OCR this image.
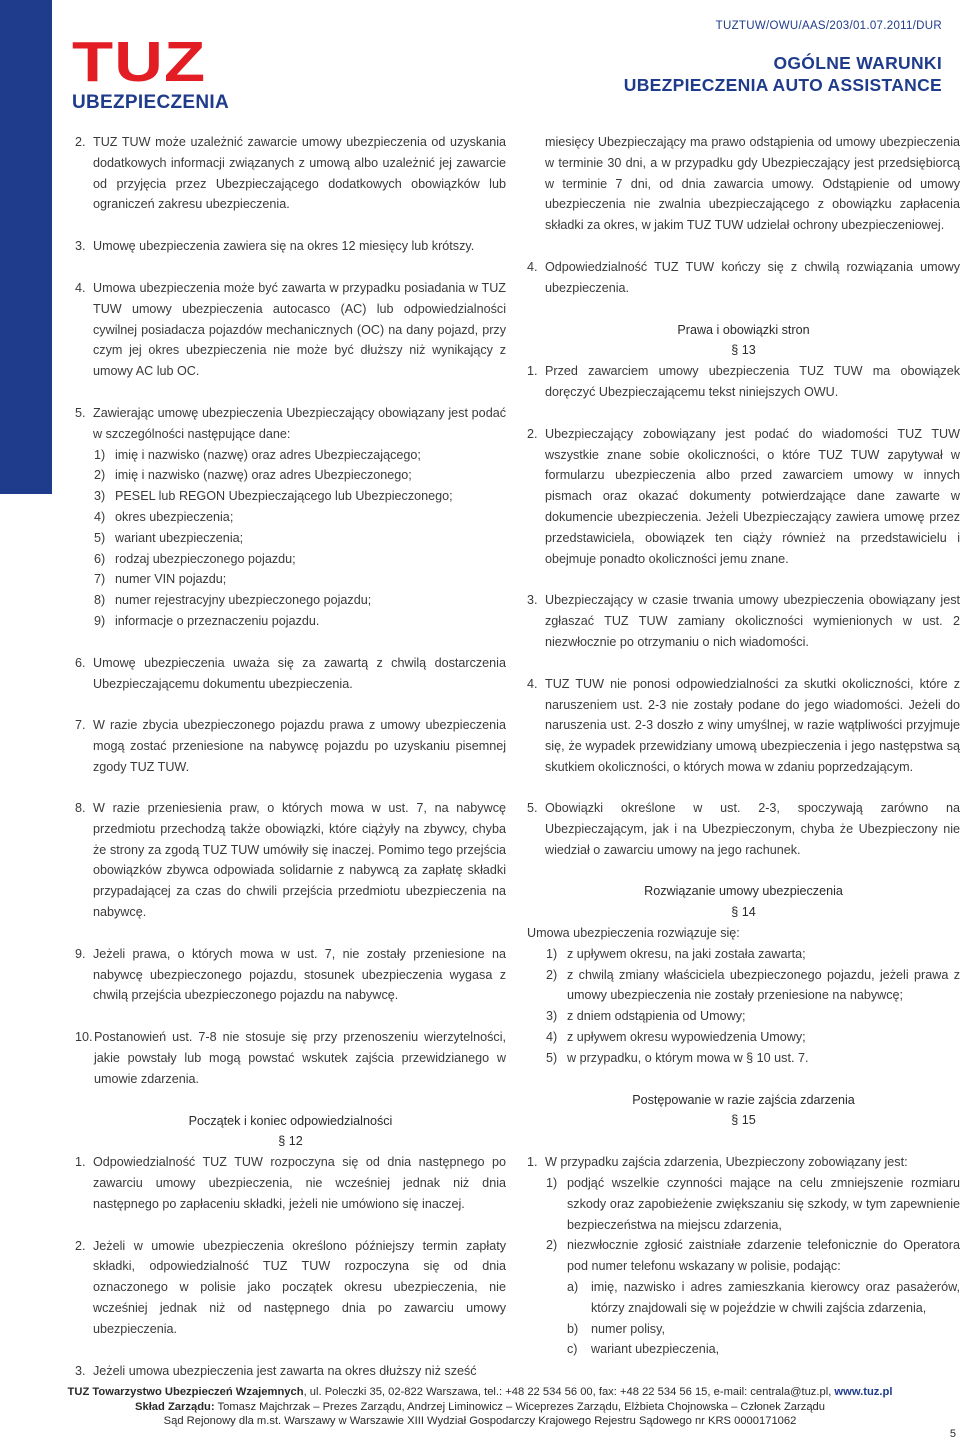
TUZ
UBEZPIECZENIA
TUZTUW/OWU/AAS/203/01.07.2011/DUR
OGÓLNE WARUNKI
UBEZPIECZENIA AUTO ASSISTANCE
2. TUZ TUW może uzależnić zawarcie umowy ubezpieczenia od uzyskania dodatkowych informacji związanych z umową albo uzależnić jej zawarcie od przyjęcia przez Ubezpieczającego dodatkowych obowiązków lub ograniczeń zakresu ubezpieczenia.
3. Umowę ubezpieczenia zawiera się na okres 12 miesięcy lub krótszy.
4. Umowa ubezpieczenia może być zawarta w przypadku posiadania w TUZ TUW umowy ubezpieczenia autocasco (AC) lub odpowiedzialności cywilnej posiadacza pojazdów mechanicznych (OC) na dany pojazd, przy czym jej okres ubezpieczenia nie może być dłuższy niż wynikający z umowy AC lub OC.
5. Zawierając umowę ubezpieczenia Ubezpieczający obowiązany jest podać w szczególności następujące dane:
1) imię i nazwisko (nazwę) oraz adres Ubezpieczającego;
2) imię i nazwisko (nazwę) oraz adres Ubezpieczonego;
3) PESEL lub REGON Ubezpieczającego lub Ubezpieczonego;
4) okres ubezpieczenia;
5) wariant ubezpieczenia;
6) rodzaj ubezpieczonego pojazdu;
7) numer VIN pojazdu;
8) numer rejestracyjny ubezpieczonego pojazdu;
9) informacje o przeznaczeniu pojazdu.
6. Umowę ubezpieczenia uważa się za zawartą z chwilą dostarczenia Ubezpieczającemu dokumentu ubezpieczenia.
7. W razie zbycia ubezpieczonego pojazdu prawa z umowy ubezpieczenia mogą zostać przeniesione na nabywcę pojazdu po uzyskaniu pisemnej zgody TUZ TUW.
miesięcy Ubezpieczający ma prawo odstąpienia od umowy ubezpieczenia w terminie 30 dni, a w przypadku gdy Ubezpieczający jest przedsiębiorcą w terminie 7 dni, od dnia zawarcia umowy. Odstąpienie od umowy ubezpieczenia nie zwalnia ubezpieczającego z obowiązku zapłacenia składki za okres, w jakim TUZ TUW udzielał ochrony ubezpieczeniowej.
4. Odpowiedzialność TUZ TUW kończy się z chwilą rozwiązania umowy ubezpieczenia.
Prawa i obowiązki stron
§ 13
1. Przed zawarciem umowy ubezpieczenia TUZ TUW ma obowiązek doręczyć Ubezpieczającemu tekst niniejszych OWU.
2. Ubezpieczający zobowiązany jest podać do wiadomości TUZ TUW wszystkie znane sobie okoliczności, o które TUZ TUW zapytywał w formularzu ubezpieczenia albo przed zawarciem umowy w innych pismach oraz okazać dokumenty potwierdzające dane zawarte w dokumencie ubezpieczenia. Jeżeli Ubezpieczający zawiera umowę przez przedstawiciela, obowiązek ten ciąży również na przedstawicielu i obejmuje ponadto okoliczności jemu znane.
3. Ubezpieczający w czasie trwania umowy ubezpieczenia obowiązany jest zgłaszać TUZ TUW zamiany okoliczności wymienionych w ust. 2 niezwłocznie po otrzymaniu o nich wiadomości.
4. TUZ TUW nie ponosi odpowiedzialności za skutki okoliczności, które z naruszeniem ust. 2-3 nie zostały podane do jego wiadomości. Jeżeli do naruszenia ust. 2-3 doszło z winy umyślnej, w razie wątpliwości przyjmuje się, że wypadek przewidziany umową ubezpieczenia i jego następstwa są skutkiem okoliczności, o których mowa w zdaniu poprzedzającym.
8. W razie przeniesienia praw, o których mowa w ust. 7, na nabywcę przedmiotu przechodzą także obowiązki, które ciążyły na zbywcy, chyba że strony za zgodą TUZ TUW umówiły się inaczej. Pomimo tego przejścia obowiązków zbywca odpowiada solidarnie z nabywcą za zapłatę składki przypadającej za czas do chwili przejścia przedmiotu ubezpieczenia na nabywcę.
9. Jeżeli prawa, o których mowa w ust. 7, nie zostały przeniesione na nabywcę ubezpieczonego pojazdu, stosunek ubezpieczenia wygasa z chwilą przejścia ubezpieczonego pojazdu na nabywcę.
10. Postanowień ust. 7-8 nie stosuje się przy przenoszeniu wierzytelności, jakie powstały lub mogą powstać wskutek zajścia przewidzianego w umowie zdarzenia.
Początek i koniec odpowiedzialności
§ 12
1. Odpowiedzialność TUZ TUW rozpoczyna się od dnia następnego po zawarciu umowy ubezpieczenia, nie wcześniej jednak niż dnia następnego po zapłaceniu składki, jeżeli nie umówiono się inaczej.
2. Jeżeli w umowie ubezpieczenia określono późniejszy termin zapłaty składki, odpowiedzialność TUZ TUW rozpoczyna się od dnia oznaczonego w polisie jako początek okresu ubezpieczenia, nie wcześniej jednak niż od następnego dnia po zawarciu umowy ubezpieczenia.
3. Jeżeli umowa ubezpieczenia jest zawarta na okres dłuższy niż sześć
5. Obowiązki określone w ust. 2-3, spoczywają zarówno na Ubezpieczającym, jak i na Ubezpieczonym, chyba że Ubezpieczony nie wiedział o zawarciu umowy na jego rachunek.
Rozwiązanie umowy ubezpieczenia
§ 14
Umowa ubezpieczenia rozwiązuje się:
1) z upływem okresu, na jaki została zawarta;
2) z chwilą zmiany właściciela ubezpieczonego pojazdu, jeżeli prawa z umowy ubezpieczenia nie zostały przeniesione na nabywcę;
3) z dniem odstąpienia od Umowy;
4) z upływem okresu wypowiedzenia Umowy;
5) w przypadku, o którym mowa w § 10 ust. 7.
Postępowanie w razie zajścia zdarzenia
§ 15
1. W przypadku zajścia zdarzenia, Ubezpieczony zobowiązany jest:
1) podjąć wszelkie czynności mające na celu zmniejszenie rozmiaru szkody oraz zapobieżenie zwiększaniu się szkody, w tym zapewnienie bezpieczeństwa na miejscu zdarzenia,
2) niezwłocznie zgłosić zaistniałe zdarzenie telefonicznie do Operatora pod numer telefonu wskazany w polisie, podając:
a) imię, nazwisko i adres zamieszkania kierowcy oraz pasażerów, którzy znajdowali się w pojeździe w chwili zajścia zdarzenia,
b) numer polisy,
c) wariant ubezpieczenia,
TUZ Towarzystwo Ubezpieczeń Wzajemnych, ul. Poleczki 35, 02-822 Warszawa, tel.: +48 22 534 56 00, fax: +48 22 534 56 15, e-mail: centrala@tuz.pl, www.tuz.pl
Skład Zarządu: Tomasz Majchrzak – Prezes Zarządu, Andrzej Liminowicz – Wiceprezes Zarządu, Elżbieta Chojnowska – Członek Zarządu
Sąd Rejonowy dla m.st. Warszawy w Warszawie XIII Wydział Gospodarczy Krajowego Rejestru Sądowego nr KRS 0000171062
5
